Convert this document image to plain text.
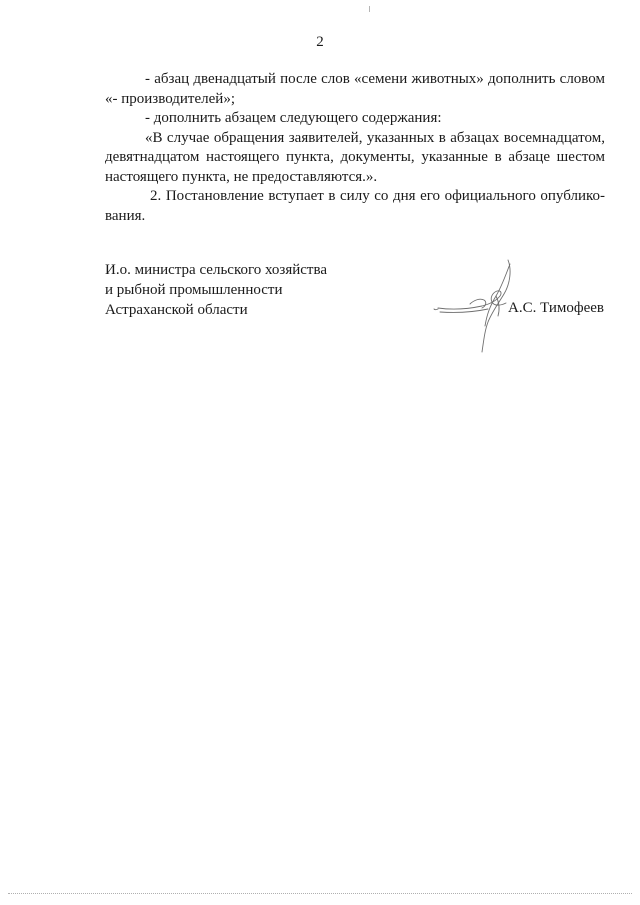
2

- абзац двенадцатый после слов «семени животных» дополнить словом «- производителей»;

- дополнить абзацем следующего содержания:

«В случае обращения заявителей, указанных в абзацах восемнадцатом, девятнадцатом настоящего пункта, документы, указанные в абзаце шестом настоящего пункта, не предоставляются.».

2. Постановление вступает в силу со дня его официального опублико-вания.

И.о. министра сельского хозяйства
и рыбной промышленности
Астраханской области	А.С. Тимофеев
